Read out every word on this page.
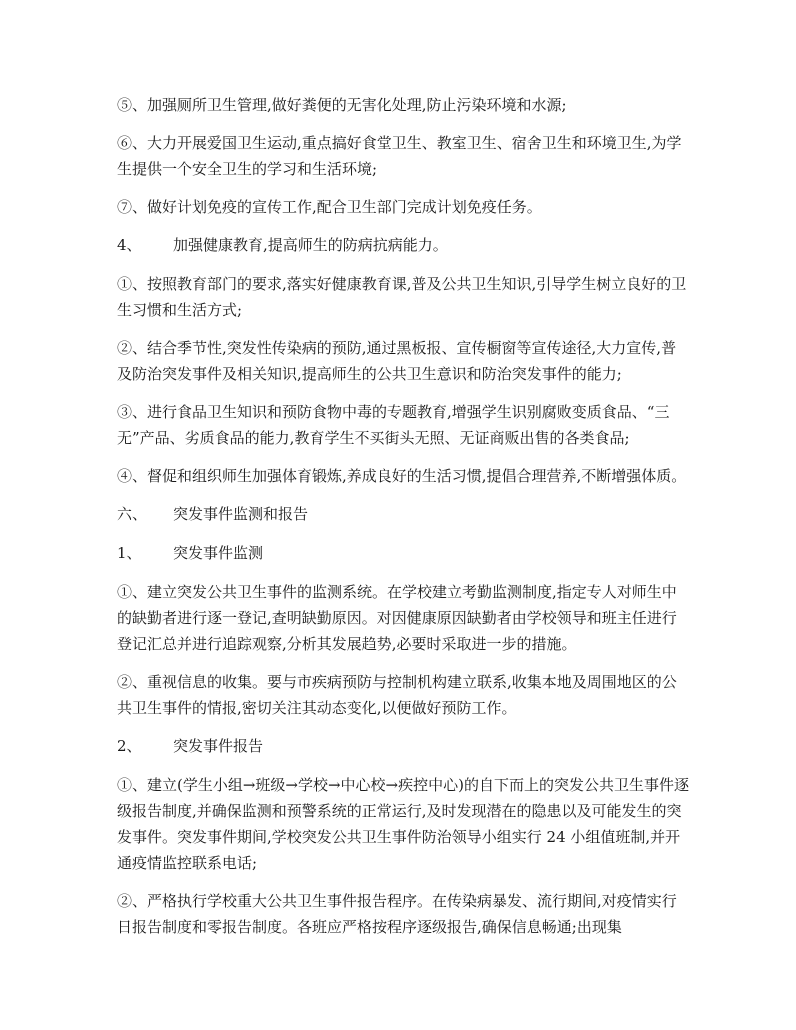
⑤、加强厕所卫生管理,做好粪便的无害化处理,防止污染环境和水源;

⑥、大力开展爱国卫生运动,重点搞好食堂卫生、教室卫生、宿舍卫生和环境卫生,为学生提供一个安全卫生的学习和生活环境;

⑦、做好计划免疫的宣传工作,配合卫生部门完成计划免疫任务。

4、 加强健康教育,提高师生的防病抗病能力。

①、按照教育部门的要求,落实好健康教育课,普及公共卫生知识,引导学生树立良好的卫生习惯和生活方式;

②、结合季节性,突发性传染病的预防,通过黑板报、宣传橱窗等宣传途径,大力宣传,普及防治突发事件及相关知识,提高师生的公共卫生意识和防治突发事件的能力;

③、进行食品卫生知识和预防食物中毒的专题教育,增强学生识别腐败变质食品、“三无”产品、劣质食品的能力,教育学生不买街头无照、无证商贩出售的各类食品;

④、督促和组织师生加强体育锻炼,养成良好的生活习惯,提倡合理营养,不断增强体质。

六、 突发事件监测和报告

1、 突发事件监测

①、建立突发公共卫生事件的监测系统。在学校建立考勤监测制度,指定专人对师生中的缺勤者进行逐一登记,查明缺勤原因。对因健康原因缺勤者由学校领导和班主任进行登记汇总并进行追踪观察,分析其发展趋势,必要时采取进一步的措施。

②、重视信息的收集。要与市疾病预防与控制机构建立联系,收集本地及周围地区的公共卫生事件的情报,密切关注其动态变化,以便做好预防工作。

2、 突发事件报告

①、建立(学生小组→班级→学校→中心校→疾控中心)的自下而上的突发公共卫生事件逐级报告制度,并确保监测和预警系统的正常运行,及时发现潜在的隐患以及可能发生的突发事件。突发事件期间,学校突发公共卫生事件防治领导小组实行 24 小组值班制,并开通疫情监控联系电话;

②、严格执行学校重大公共卫生事件报告程序。在传染病暴发、流行期间,对疫情实行日报告制度和零报告制度。各班应严格按程序逐级报告,确保信息畅通;出现集
